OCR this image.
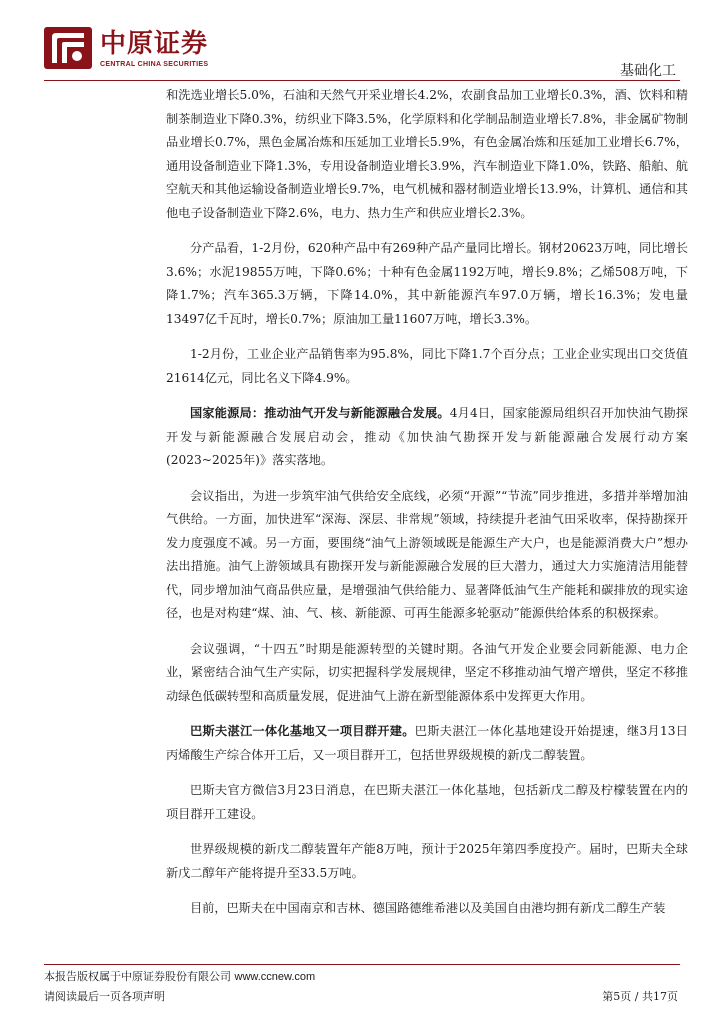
中原证券
CENTRAL CHINA SECURITIES	基础化工

和洗选业增长5.0%，石油和天然气开采业增长4.2%，农副食品加工业增长0.3%，酒、饮料和精制茶制造业下降0.3%，纺织业下降3.5%，化学原料和化学制品制造业增长7.8%，非金属矿物制品业增长0.7%，黑色金属冶炼和压延加工业增长5.9%，有色金属冶炼和压延加工业增长6.7%，通用设备制造业下降1.3%，专用设备制造业增长3.9%，汽车制造业下降1.0%，铁路、船舶、航空航天和其他运输设备制造业增长9.7%，电气机械和器材制造业增长13.9%，计算机、通信和其他电子设备制造业下降2.6%，电力、热力生产和供应业增长2.3%。

分产品看，1-2月份，620种产品中有269种产品产量同比增长。钢材20623万吨，同比增长3.6%；水泥19855万吨，下降0.6%；十种有色金属1192万吨，增长9.8%；乙烯508万吨，下降1.7%；汽车365.3万辆，下降14.0%，其中新能源汽车97.0万辆，增长16.3%；发电量13497亿千瓦时，增长0.7%；原油加工量11607万吨，增长3.3%。

1-2月份，工业企业产品销售率为95.8%，同比下降1.7个百分点；工业企业实现出口交货值21614亿元，同比名义下降4.9%。

国家能源局：推动油气开发与新能源融合发展。4月4日，国家能源局组织召开加快油气勘探开发与新能源融合发展启动会，推动《加快油气勘探开发与新能源融合发展行动方案(2023~2025年)》落实落地。

会议指出，为进一步筑牢油气供给安全底线，必须“开源”“节流”同步推进，多措并举增加油气供给。一方面，加快进军“深海、深层、非常规”领域，持续提升老油气田采收率，保持勘探开发力度强度不减。另一方面，要围绕“油气上游领域既是能源生产大户，也是能源消费大户”想办法出措施。油气上游领域具有勘探开发与新能源融合发展的巨大潜力，通过大力实施清洁用能替代，同步增加油气商品供应量，是增强油气供给能力、显著降低油气生产能耗和碳排放的现实途径，也是对构建“煤、油、气、核、新能源、可再生能源多轮驱动”能源供给体系的积极探索。

会议强调，“十四五”时期是能源转型的关键时期。各油气开发企业要会同新能源、电力企业，紧密结合油气生产实际，切实把握科学发展规律，坚定不移推动油气增产增供，坚定不移推动绿色低碳转型和高质量发展，促进油气上游在新型能源体系中发挥更大作用。

巴斯夫湛江一体化基地又一项目群开建。巴斯夫湛江一体化基地建设开始提速，继3月13日丙烯酸生产综合体开工后，又一项目群开工，包括世界级规模的新戊二醇装置。

巴斯夫官方微信3月23日消息，在巴斯夫湛江一体化基地，包括新戊二醇及柠檬装置在内的项目群开工建设。

世界级规模的新戊二醇装置年产能8万吨，预计于2025年第四季度投产。届时，巴斯夫全球新戊二醇年产能将提升至33.5万吨。

目前，巴斯夫在中国南京和吉林、德国路德维希港以及美国自由港均拥有新戊二醇生产装

本报告版权属于中原证券股份有限公司 www.ccnew.com
请阅读最后一页各项声明	第5页 / 共17页
